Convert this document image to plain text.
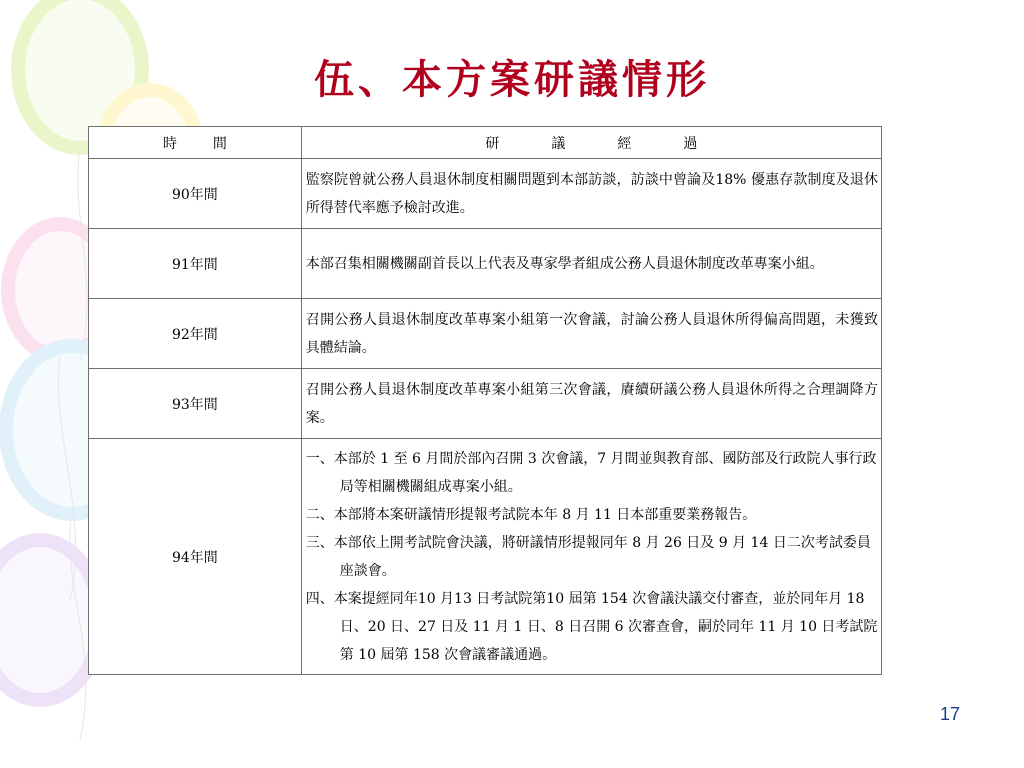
伍、本方案研議情形
時間	研議經過
90年間	監察院曾就公務人員退休制度相關問題到本部訪談，訪談中曾論及18% 優惠存款制度及退休所得替代率應予檢討改進。
91年間	本部召集相關機關副首長以上代表及專家學者組成公務人員退休制度改革專案小組。
92年間	召開公務人員退休制度改革專案小組第一次會議，討論公務人員退休所得偏高問題，未獲致具體結論。
93年間	召開公務人員退休制度改革專案小組第三次會議，賡續研議公務人員退休所得之合理調降方案。
94年間	一、本部於 1 至 6 月間於部內召開 3 次會議，7 月間並與教育部、國防部及行政院人事行政局等相關機關組成專案小組。
二、本部將本案研議情形提報考試院本年 8 月 11 日本部重要業務報告。
三、本部依上開考試院會決議，將研議情形提報同年 8 月 26 日及 9 月 14 日二次考試委員座談會。
四、本案提經同年10 月13 日考試院第10 屆第 154 次會議決議交付審查，並於同年月 18 日、20 日、27 日及 11 月 1 日、8 日召開 6 次審查會，嗣於同年 11 月 10 日考試院第 10 屆第 158 次會議審議通過。
17
